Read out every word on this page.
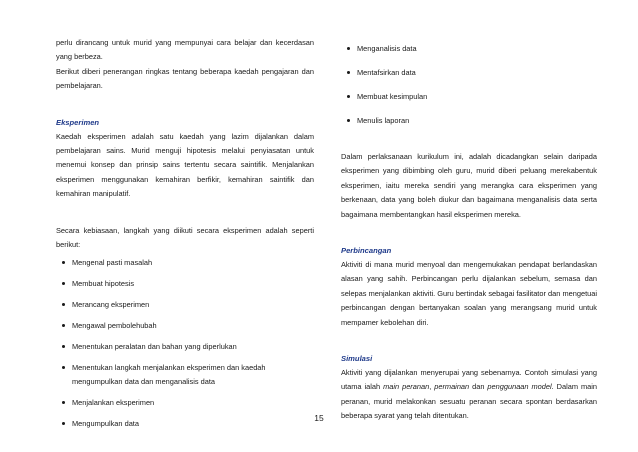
perlu dirancang untuk murid yang mempunyai cara belajar dan kecerdasan yang berbeza.

Berikut diberi penerangan ringkas tentang beberapa kaedah pengajaran dan pembelajaran.

Eksperimen

Kaedah eksperimen adalah satu kaedah yang lazim dijalankan dalam pembelajaran sains. Murid menguji hipotesis melalui penyiasatan untuk menemui konsep dan prinsip sains tertentu secara saintifik. Menjalankan eksperimen menggunakan kemahiran berfikir, kemahiran saintifik dan kemahiran manipulatif.

Secara kebiasaan, langkah yang diikuti secara eksperimen adalah seperti berikut:

Mengenal pasti masalah
Membuat hipotesis
Merancang eksperimen
Mengawal pembolehubah
Menentukan peralatan dan bahan yang diperlukan
Menentukan langkah menjalankan eksperimen dan kaedah mengumpulkan data dan menganalisis data
Menjalankan eksperimen
Mengumpulkan data
Menganalisis data
Mentafsirkan data
Membuat kesimpulan
Menulis laporan

Dalam perlaksanaan kurikulum ini, adalah dicadangkan selain daripada eksperimen yang dibimbing oleh guru, murid diberi peluang merekabentuk eksperimen, iaitu mereka sendiri yang merangka cara eksperimen yang berkenaan, data yang boleh diukur dan bagaimana menganalisis data serta bagaimana membentangkan hasil eksperimen mereka.

Perbincangan

Aktiviti di mana murid menyoal dan mengemukakan pendapat berlandaskan alasan yang sahih. Perbincangan perlu dijalankan sebelum, semasa dan selepas menjalankan aktiviti. Guru bertindak sebagai fasilitator dan mengetuai perbincangan dengan bertanyakan soalan yang merangsang murid untuk mempamer kebolehan diri.

Simulasi

Aktiviti yang dijalankan menyerupai yang sebenarnya. Contoh simulasi yang utama ialah main peranan, permainan dan penggunaan model. Dalam main peranan, murid melakonkan sesuatu peranan secara spontan berdasarkan beberapa syarat yang telah ditentukan.

15
